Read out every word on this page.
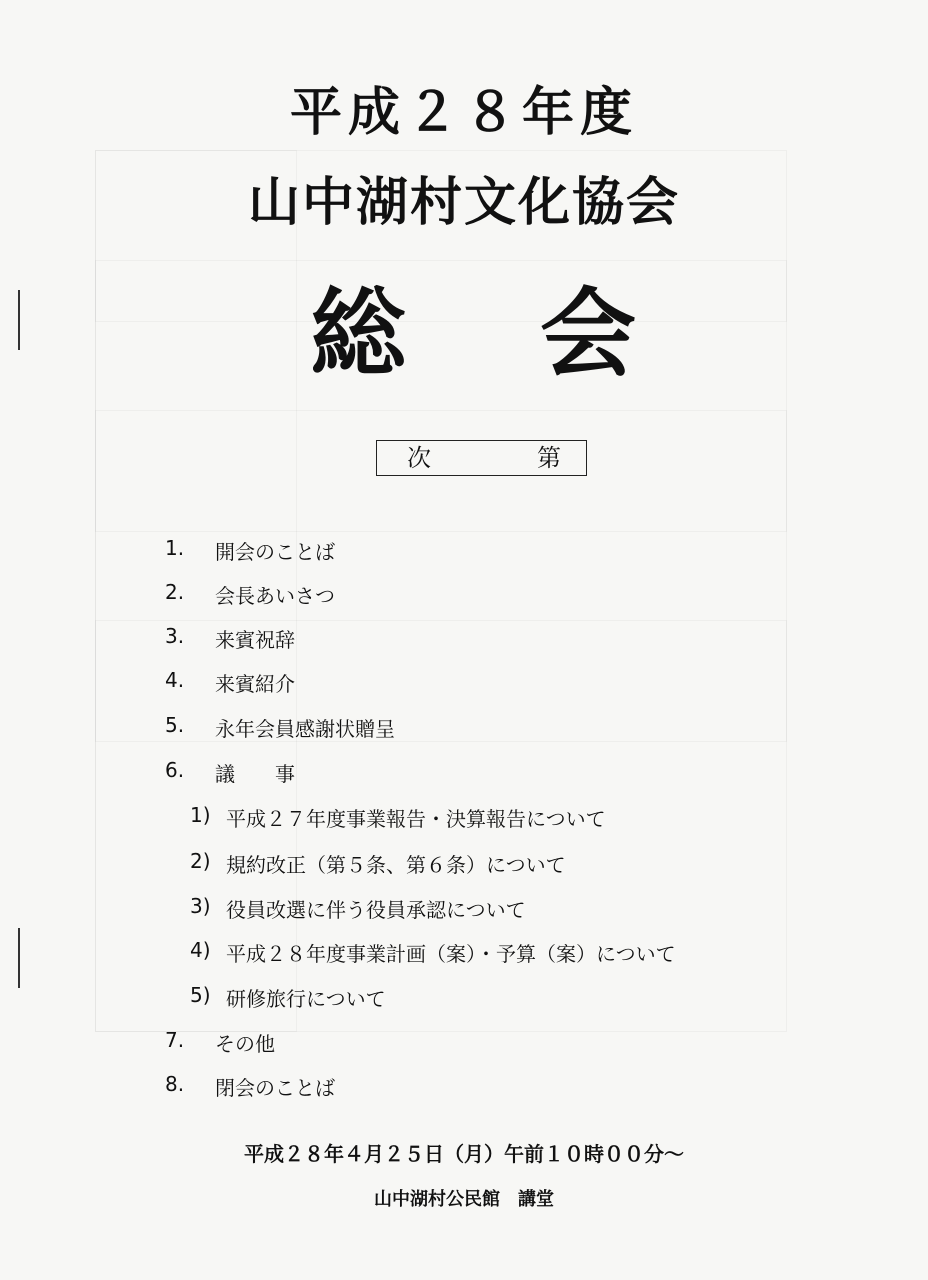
平成２８年度
山中湖村文化協会
総 会
次	第
1. 開会のことば
2. 会長あいさつ
3. 来賓祝辞
4. 来賓紹介
5. 永年会員感謝状贈呈
6. 議　　事
1) 平成２７年度事業報告・決算報告について
2) 規約改正（第５条、第６条）について
3) 役員改選に伴う役員承認について
4) 平成２８年度事業計画（案）・予算（案）について
5) 研修旅行について
7. その他
8. 閉会のことば
平成２８年４月２５日（月）午前１０時００分～
山中湖村公民館　講堂
